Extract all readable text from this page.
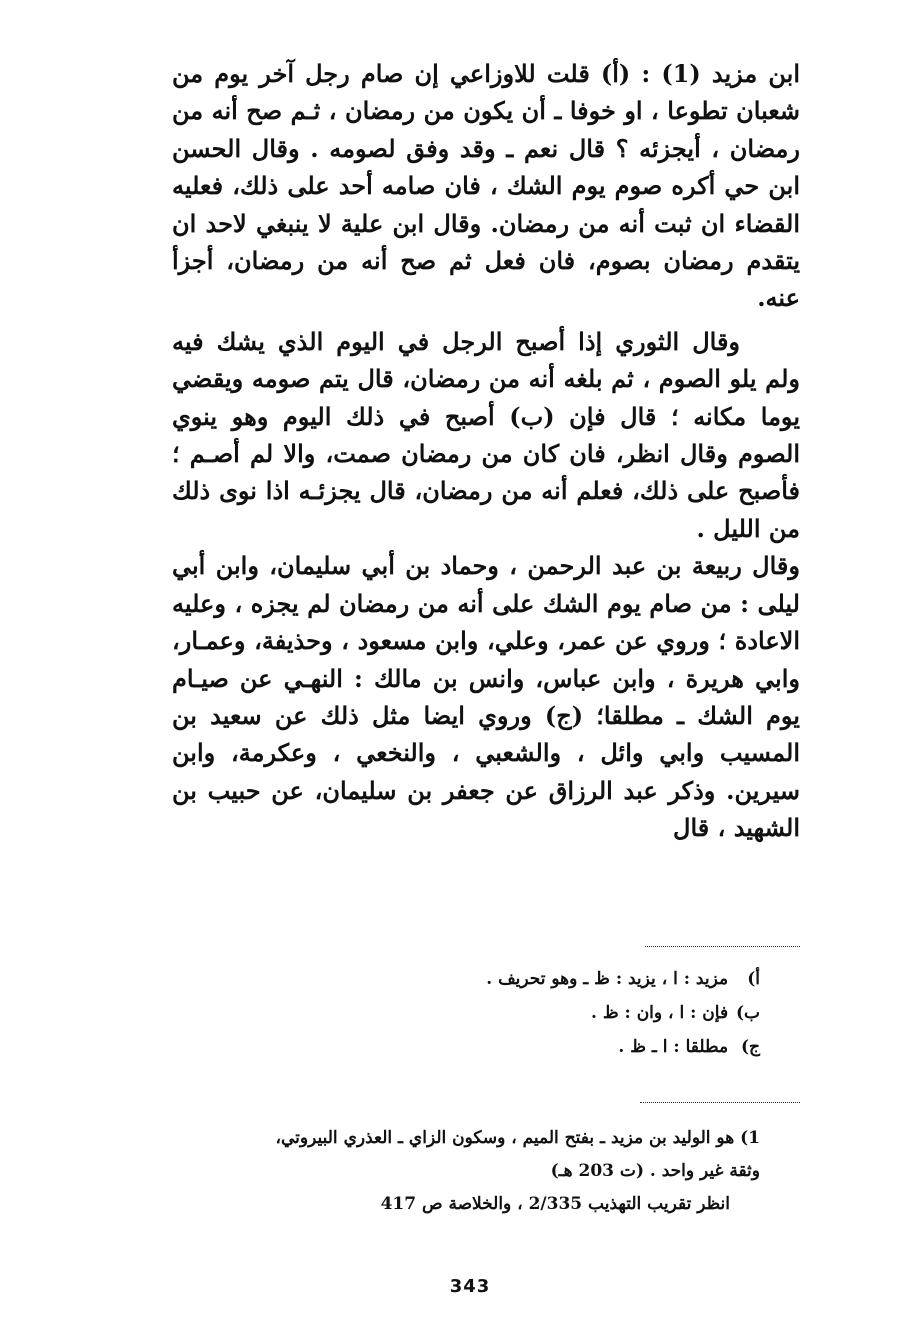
ابن مزيد (1) : (أ) قلت للاوزاعي إن صام رجل آخر يوم من شعبان تطوعا ، او خوفا ـ أن يكون من رمضان ، ثـم صح أنه من رمضان ، أيجزئه ؟ قال نعم ـ وقد وفق لصومه . وقال الحسن ابن حي أكره صوم يوم الشك ، فان صامه أحد على ذلك، فعليه القضاء ان ثبت أنه من رمضان. وقال ابن علية لا ينبغي لاحد ان يتقدم رمضان بصوم، فان فعل ثم صح أنه من رمضان، أجزأ عنه.

وقال الثوري إذا أصبح الرجل في اليوم الذي يشك فيه ولم يلو الصوم ، ثم بلغه أنه من رمضان، قال يتم صومه ويقضي يوما مكانه ؛ قال فإن (ب) أصبح في ذلك اليوم وهو ينوي الصوم وقال انظر، فان كان من رمضان صمت، والا لم أصـم ؛ فأصبح على ذلك، فعلم أنه من رمضان، قال يجزئـه اذا نوى ذلك من الليل .

وقال ربيعة بن عبد الرحمن ، وحماد بن أبي سليمان، وابن أبي ليلى : من صام يوم الشك على أنه من رمضان لم يجزه ، وعليه الاعادة ؛ وروي عن عمر، وعلي، وابن مسعود ، وحذيفة، وعمـار، وابي هريرة ، وابن عباس، وانس بن مالك : النهـي عن صيـام يوم الشك ـ مطلقا؛ (ج) وروي ايضا مثل ذلك عن سعيد بن المسيب وابي وائل ، والشعبي ، والنخعي ، وعكرمة، وابن سيرين. وذكر عبد الرزاق عن جعفر بن سليمان، عن حبيب بن الشهيد ، قال

أ) مزيد : ا ، يزيد : ظ ـ وهو تحريف .
ب) فإن : ا ، وان : ظ .
ج) مطلقا : ا ـ ظ .
1) هو الوليد بن مزيد ـ بفتح الميم ، وسكون الزاي ـ العذري البيروتي،
وثقة غير واحد . (ت 203 هـ)
انظر تقريب التهذيب 2/335 ، والخلاصة ص 417
343
